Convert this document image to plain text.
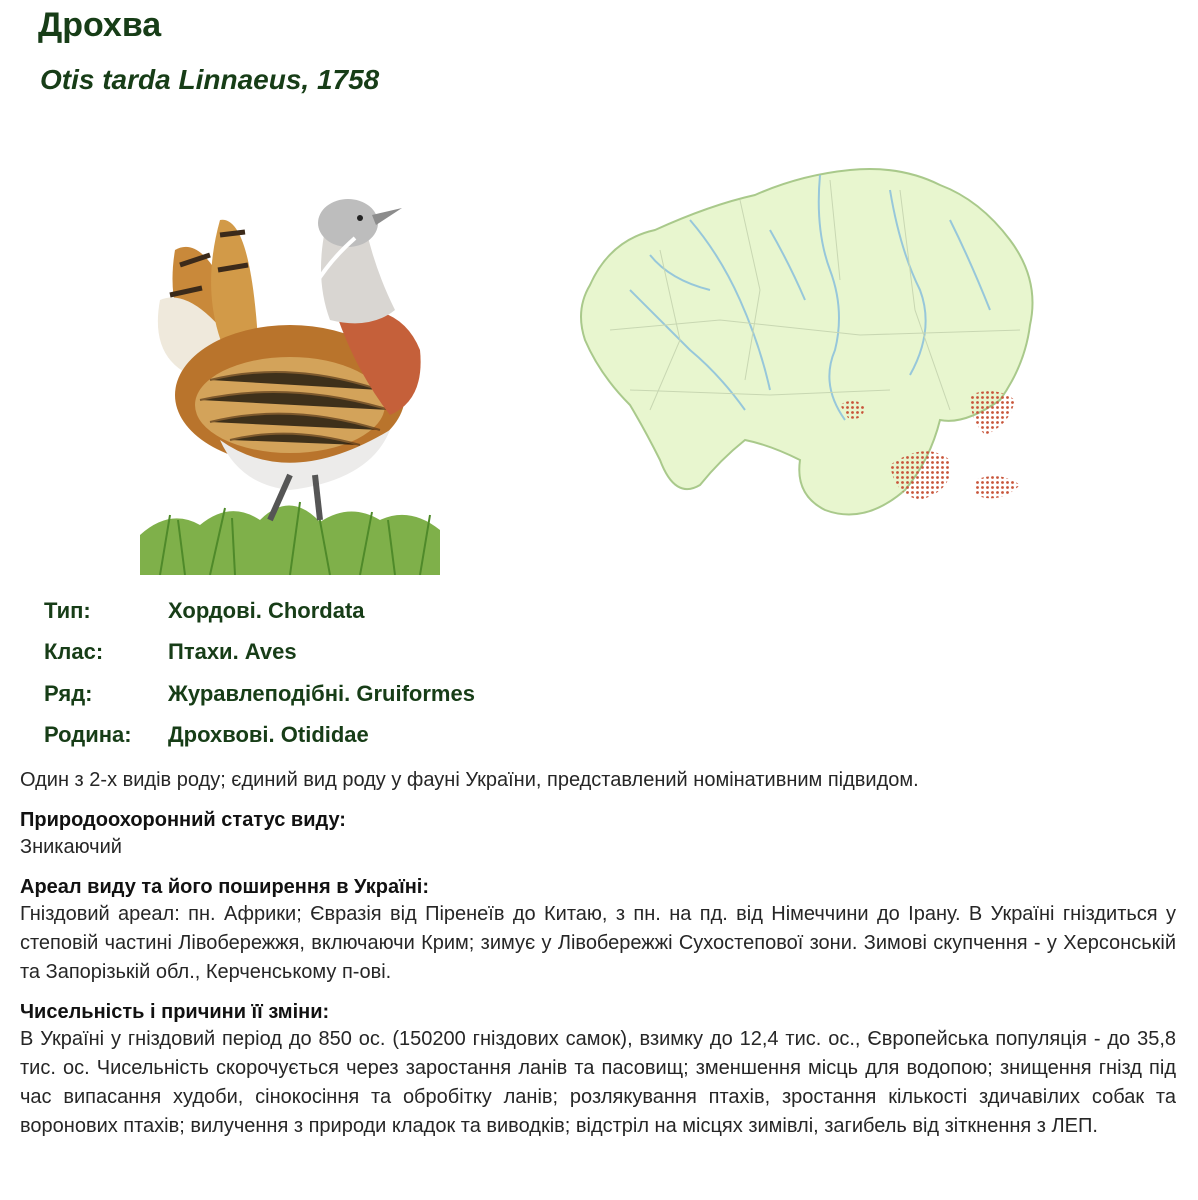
Дрохва
Otis tarda Linnaeus, 1758
Тип:	Хордові. Chordata
Клас:	Птахи. Aves
Ряд:	Журавлеподібні. Gruiformes
Родина:	Дрохвові. Otididae

Один з 2-х видів роду; єдиний вид роду у фауні України, представлений номінативним підвидом.

Природоохоронний статус виду:

Зникаючий

Ареал виду та його поширення в Україні:

Гніздовий ареал: пн. Африки; Євразія від Піренеїв до Китаю, з пн. на пд. від Німеччини до Ірану. В Україні гніздиться у степовій частині Лівобережжя, включаючи Крим; зимує у Лівобережжі Сухостепової зони. Зимові скупчення - у Херсонській та Запорізькій обл., Керченському п-ові.

Чисельність і причини її зміни:

В Україні у гніздовий період до 850 ос. (150200 гніздових самок), взимку до 12,4 тис. ос., Європейська популяція - до 35,8 тис. ос. Чисельність скорочується через заростання ланів та пасовищ; зменшення місць для водопою; знищення гнізд під час випасання худоби, сінокосіння та обробітку ланів; розлякування птахів, зростання кількості здичавілих собак та воронових птахів; вилучення з природи кладок та виводків; відстріл на місцях зимівлі, загибель від зіткнення з ЛЕП.
